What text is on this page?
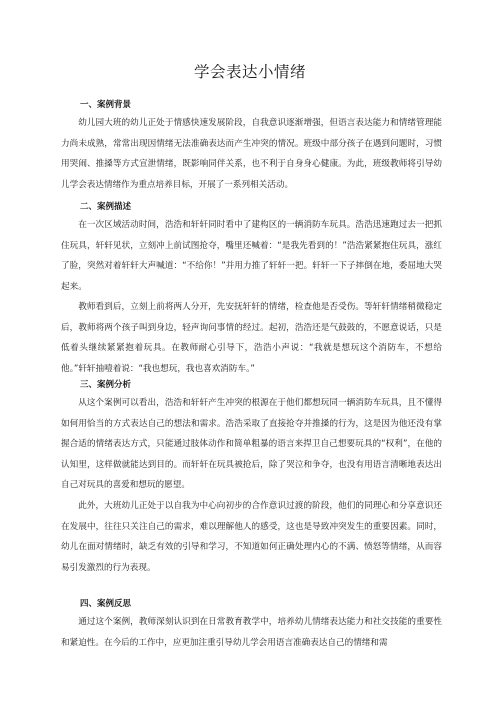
学会表达小情绪
一、案例背景

幼儿园大班的幼儿正处于情感快速发展阶段，自我意识逐渐增强，但语言表达能力和情绪管理能力尚未成熟，常常出现因情绪无法准确表达而产生冲突的情况。班级中部分孩子在遇到问题时，习惯用哭闹、推搡等方式宣泄情绪，既影响同伴关系，也不利于自身身心健康。为此，班级教师将引导幼儿学会表达情绪作为重点培养目标，开展了一系列相关活动。

二、案例描述

在一次区域活动时间，浩浩和轩轩同时看中了建构区的一辆消防车玩具。浩浩迅速跑过去一把抓住玩具，轩轩见状，立刻冲上前试图抢夺，嘴里还喊着：“是我先看到的！”浩浩紧紧抱住玩具，涨红了脸，突然对着轩轩大声喊道：“不给你！”并用力推了轩轩一把。轩轩一下子摔倒在地，委屈地大哭起来。

教师看到后，立刻上前将两人分开，先安抚轩轩的情绪，检查他是否受伤。等轩轩情绪稍微稳定后，教师将两个孩子叫到身边，轻声询问事情的经过。起初，浩浩还是气鼓鼓的，不愿意说话，只是低着头继续紧紧抱着玩具。在教师耐心引导下，浩浩小声说：“我就是想玩这个消防车，不想给他。”轩轩抽噎着说：“我也想玩，我也喜欢消防车。”

三、案例分析

从这个案例可以看出，浩浩和轩轩产生冲突的根源在于他们都想玩同一辆消防车玩具，且不懂得如何用恰当的方式表达自己的想法和需求。浩浩采取了直接抢夺并推搡的行为，这是因为他还没有掌握合适的情绪表达方式，只能通过肢体动作和简单粗暴的语言来捍卫自己想要玩具的“权利”，在他的认知里，这样做就能达到目的。而轩轩在玩具被抢后，除了哭泣和争夺，也没有用语言清晰地表达出自己对玩具的喜爱和想玩的愿望。

此外，大班幼儿正处于以自我为中心向初步的合作意识过渡的阶段，他们的同理心和分享意识还在发展中，往往只关注自己的需求，难以理解他人的感受，这也是导致冲突发生的重要因素。同时，幼儿在面对情绪时，缺乏有效的引导和学习，不知道如何正确处理内心的不满、愤怒等情绪，从而容易引发激烈的行为表现。

四、案例反思

通过这个案例，教师深刻认识到在日常教育教学中，培养幼儿情绪表达能力和社交技能的重要性和紧迫性。在今后的工作中，应更加注重引导幼儿学会用语言准确表达自己的情绪和需
